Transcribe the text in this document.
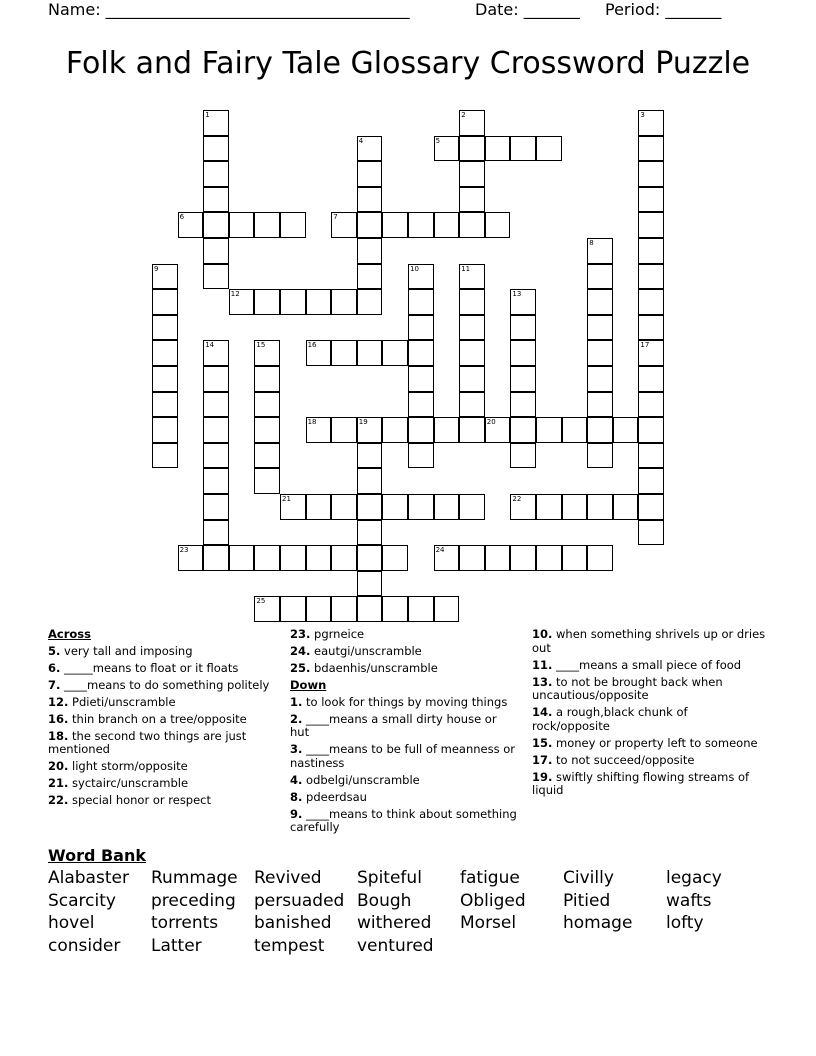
Name: ______________________________________	Date: _______ Period: _______
Folk and Fairy Tale Glossary Crossword Puzzle
1	2	3
4	5
6	7
8
9	10	11
12	13
14	15	16	17
18	19	20
21	22
23	24
25
Across
5. very tall and imposing
6. _____means to float or it floats
7. ____means to do something politely
12. Pdieti/unscramble
16. thin branch on a tree/opposite
18. the second two things are just mentioned
20. light storm/opposite
21. syctairc/unscramble
22. special honor or respect
23. pgrneice
24. eautgi/unscramble
25. bdaenhis/unscramble
Down
1. to look for things by moving things
2. ____means a small dirty house or hut
3. ____means to be full of meanness or nastiness
4. odbelgi/unscramble
8. pdeerdsau
9. ____means to think about something carefully
10. when something shrivels up or dries out
11. ____means a small piece of food
13. to not be brought back when uncautious/opposite
14. a rough,black chunk of rock/opposite
15. money or property left to someone
17. to not succeed/opposite
19. swiftly shifting flowing streams of liquid
Word Bank
Alabaster Rummage Revived Spiteful fatigue	Civilly	legacy
Scarcity preceding persuaded Bough	Obliged Pitied	wafts
hovel	torrents banished withered Morsel	homage lofty
consider Latter	tempest ventured
